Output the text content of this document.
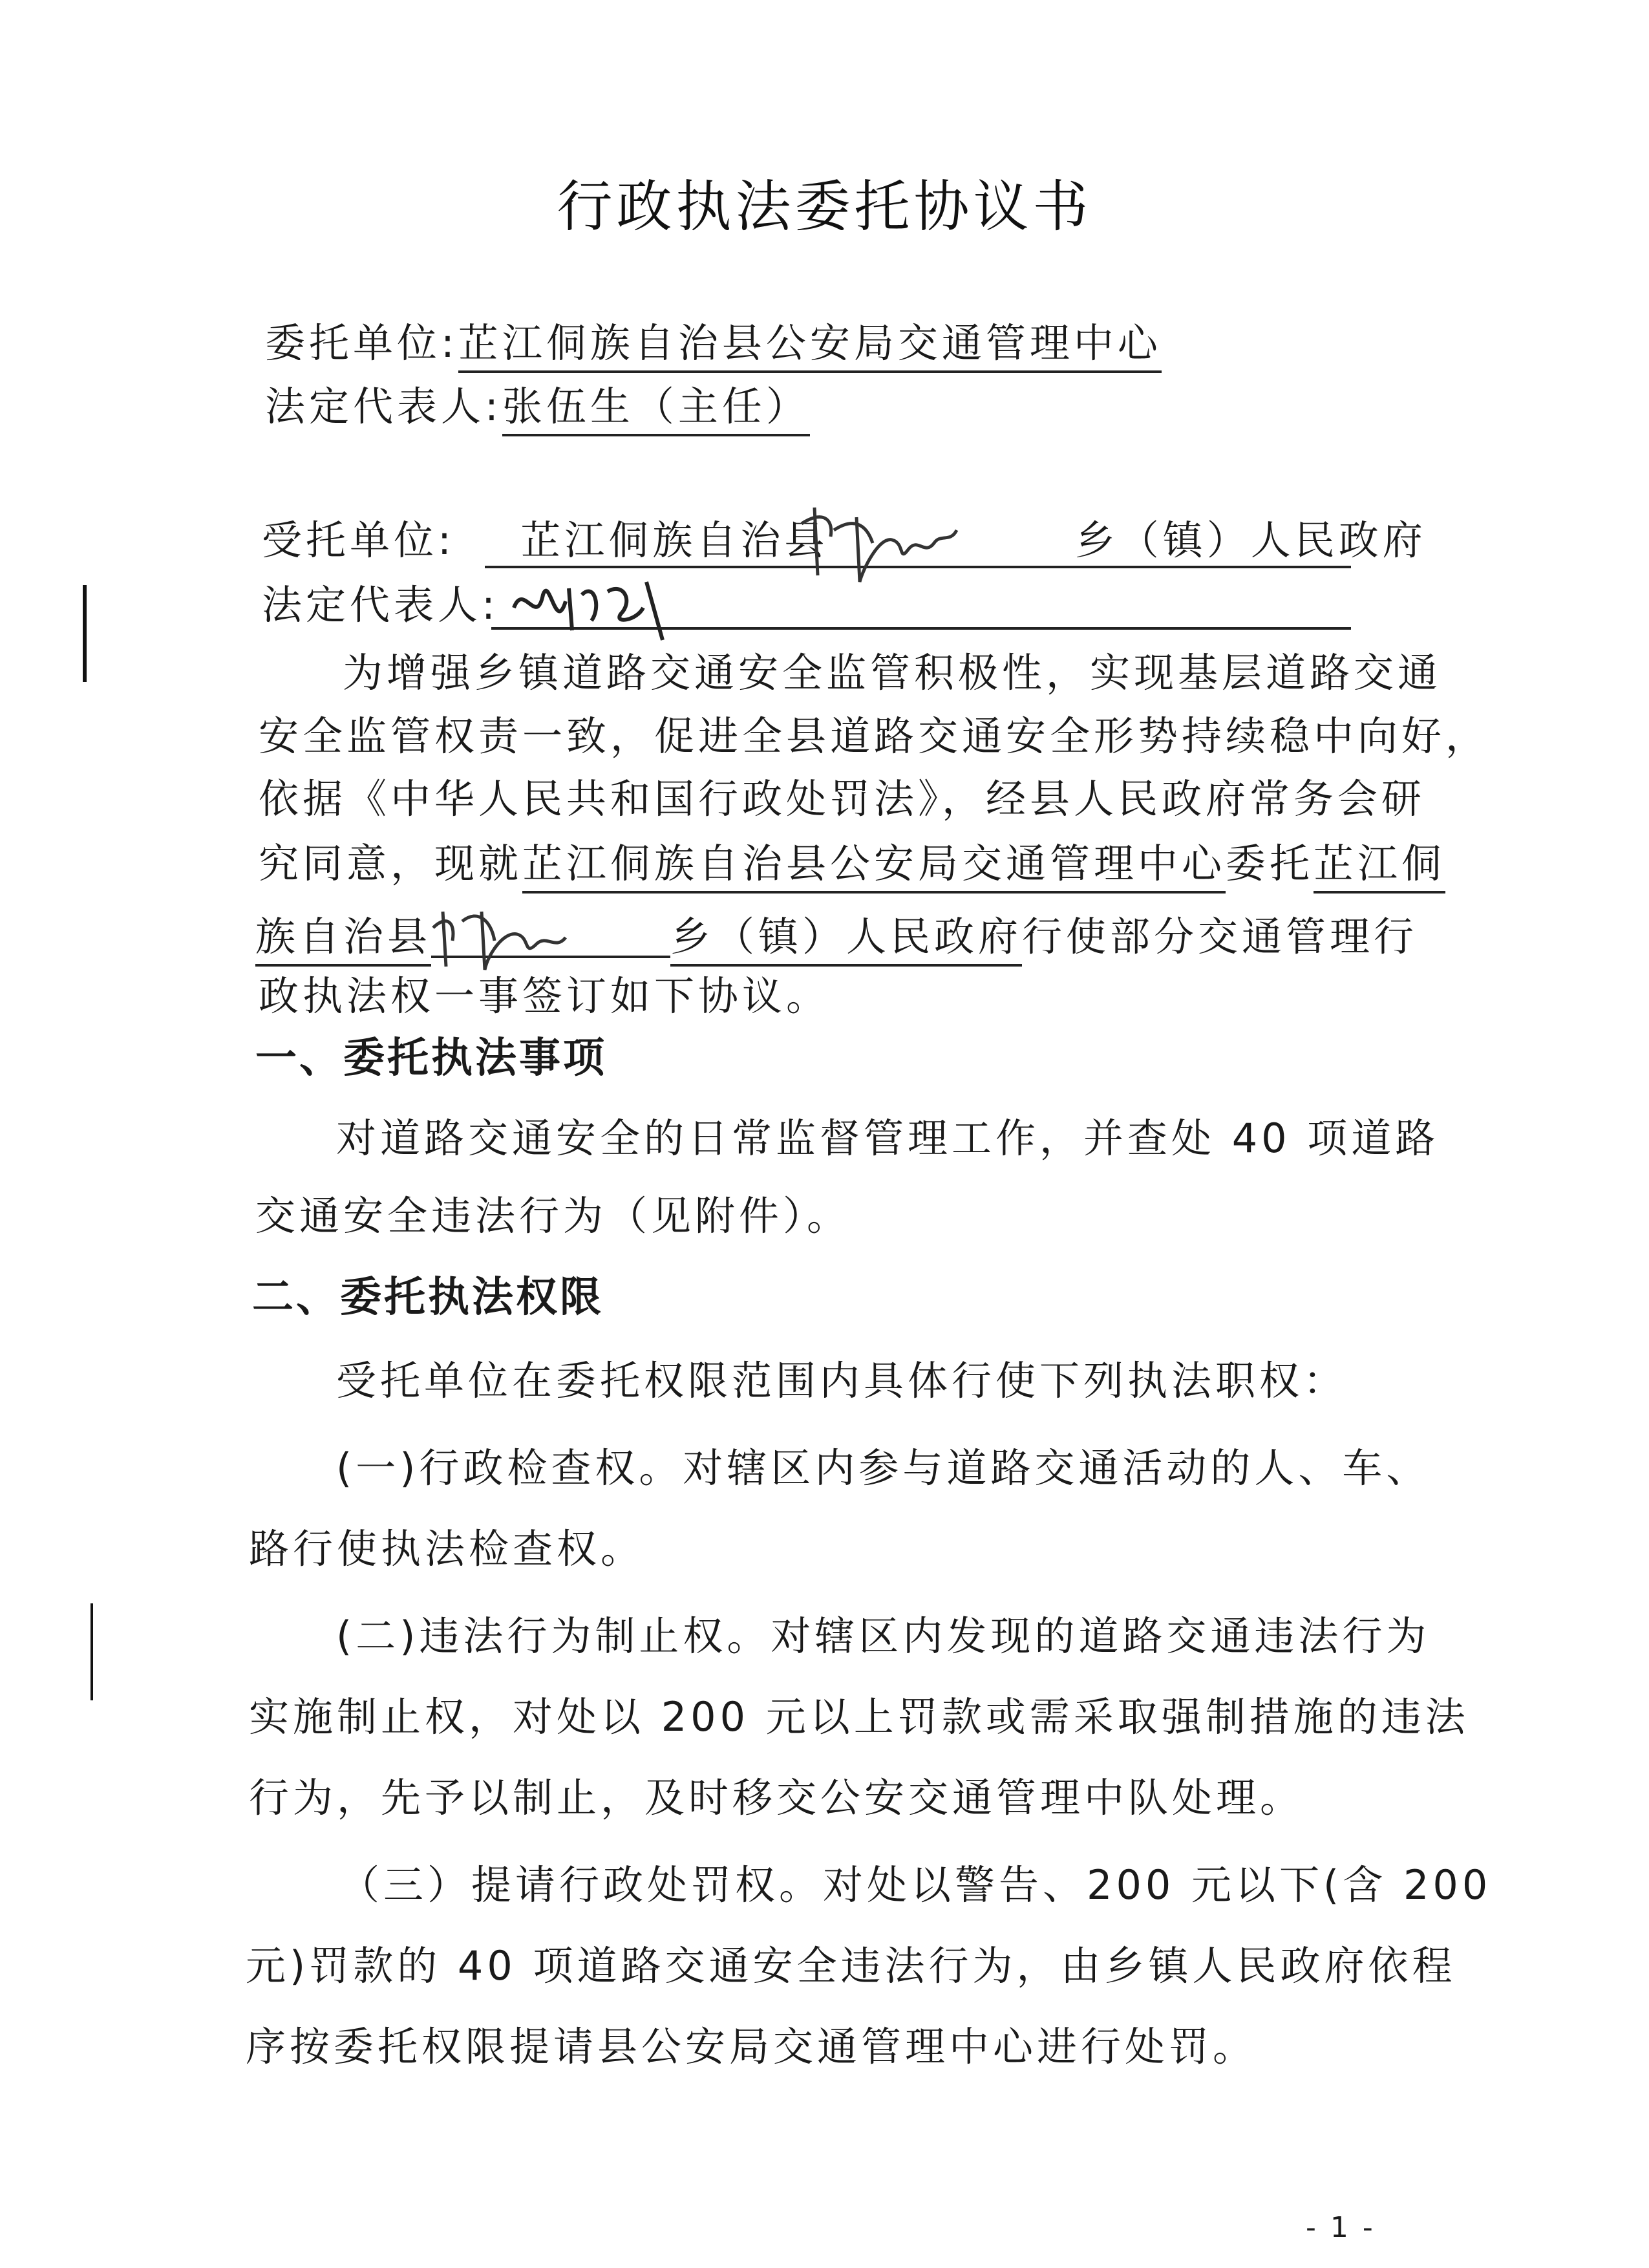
行政执法委托协议书
委托单位:芷江侗族自治县公安局交通管理中心
法定代表人:张伍生（主任）
受托单位: 芷江侗族自治县	乡（镇）人民政府
法定代表人:
为增强乡镇道路交通安全监管积极性，实现基层道路交通
安全监管权责一致，促进全县道路交通安全形势持续稳中向好，
依据《中华人民共和国行政处罚法》，经县人民政府常务会研
究同意，现就芷江侗族自治县公安局交通管理中心委托芷江侗
族自治县	乡（镇）人民政府行使部分交通管理行
政执法权一事签订如下协议。
一、委托执法事项
对道路交通安全的日常监督管理工作，并查处 40 项道路
交通安全违法行为（见附件）。
二、委托执法权限
受托单位在委托权限范围内具体行使下列执法职权：
(一)行政检查权。对辖区内参与道路交通活动的人、车、
路行使执法检查权。
(二)违法行为制止权。对辖区内发现的道路交通违法行为
实施制止权，对处以 200 元以上罚款或需采取强制措施的违法
行为，先予以制止，及时移交公安交通管理中队处理。
（三）提请行政处罚权。对处以警告、200 元以下(含 200
元)罚款的 40 项道路交通安全违法行为，由乡镇人民政府依程
序按委托权限提请县公安局交通管理中心进行处罚。
- 1 -
